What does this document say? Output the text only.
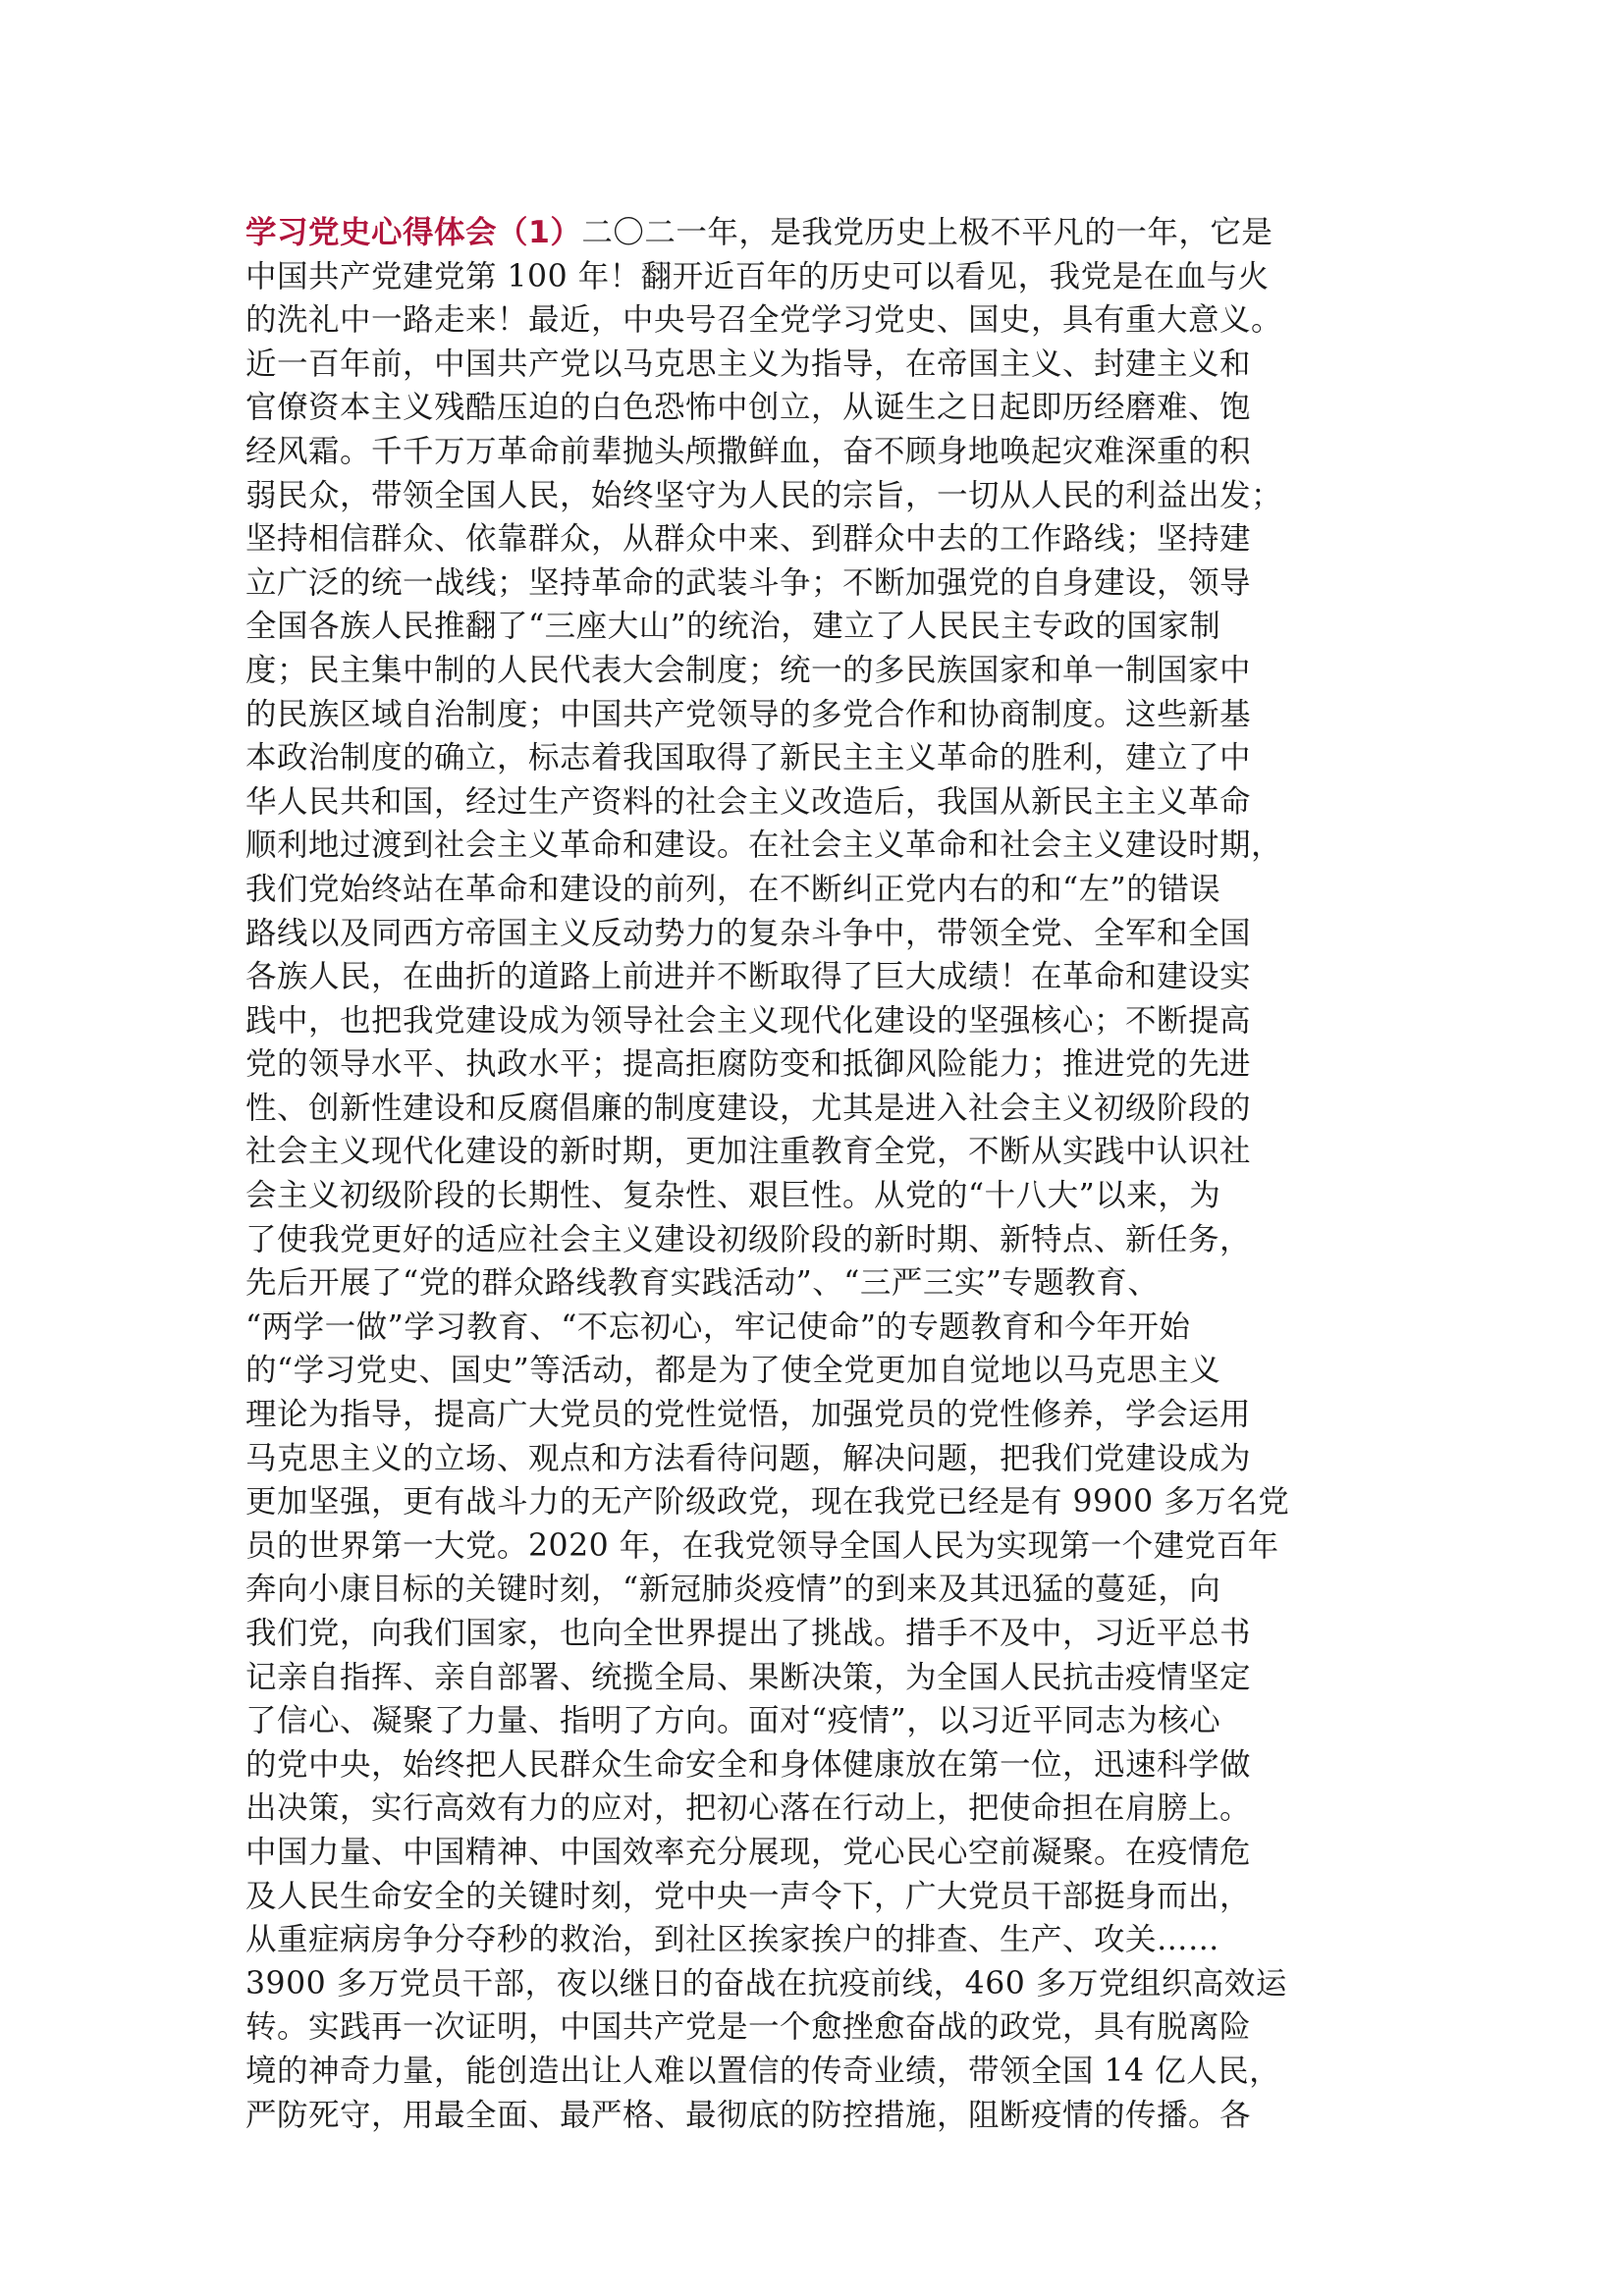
学习党史心得体会（1）二〇二一年，是我党历史上极不平凡的一年，它是
中国共产党建党第 100 年！翻开近百年的历史可以看见，我党是在血与火
的洗礼中一路走来！最近，中央号召全党学习党史、国史，具有重大意义。
近一百年前，中国共产党以马克思主义为指导，在帝国主义、封建主义和
官僚资本主义残酷压迫的白色恐怖中创立，从诞生之日起即历经磨难、饱
经风霜。千千万万革命前辈抛头颅撒鲜血，奋不顾身地唤起灾难深重的积
弱民众，带领全国人民，始终坚守为人民的宗旨，一切从人民的利益出发；
坚持相信群众、依靠群众，从群众中来、到群众中去的工作路线；坚持建
立广泛的统一战线；坚持革命的武装斗争；不断加强党的自身建设，领导
全国各族人民推翻了“三座大山”的统治，建立了人民民主专政的国家制
度；民主集中制的人民代表大会制度；统一的多民族国家和单一制国家中
的民族区域自治制度；中国共产党领导的多党合作和协商制度。这些新基
本政治制度的确立，标志着我国取得了新民主主义革命的胜利，建立了中
华人民共和国，经过生产资料的社会主义改造后，我国从新民主主义革命
顺利地过渡到社会主义革命和建设。在社会主义革命和社会主义建设时期，
我们党始终站在革命和建设的前列，在不断纠正党内右的和“左”的错误
路线以及同西方帝国主义反动势力的复杂斗争中，带领全党、全军和全国
各族人民，在曲折的道路上前进并不断取得了巨大成绩！在革命和建设实
践中，也把我党建设成为领导社会主义现代化建设的坚强核心；不断提高
党的领导水平、执政水平；提高拒腐防变和抵御风险能力；推进党的先进
性、创新性建设和反腐倡廉的制度建设，尤其是进入社会主义初级阶段的
社会主义现代化建设的新时期，更加注重教育全党，不断从实践中认识社
会主义初级阶段的长期性、复杂性、艰巨性。从党的“十八大”以来，为
了使我党更好的适应社会主义建设初级阶段的新时期、新特点、新任务，
先后开展了“党的群众路线教育实践活动”、“三严三实”专题教育、
“两学一做”学习教育、“不忘初心，牢记使命”的专题教育和今年开始
的“学习党史、国史”等活动，都是为了使全党更加自觉地以马克思主义
理论为指导，提高广大党员的党性觉悟，加强党员的党性修养，学会运用
马克思主义的立场、观点和方法看待问题，解决问题，把我们党建设成为
更加坚强，更有战斗力的无产阶级政党，现在我党已经是有 9900 多万名党
员的世界第一大党。2020 年，在我党领导全国人民为实现第一个建党百年
奔向小康目标的关键时刻，“新冠肺炎疫情”的到来及其迅猛的蔓延，向
我们党，向我们国家，也向全世界提出了挑战。措手不及中，习近平总书
记亲自指挥、亲自部署、统揽全局、果断决策，为全国人民抗击疫情坚定
了信心、凝聚了力量、指明了方向。面对“疫情”，以习近平同志为核心
的党中央，始终把人民群众生命安全和身体健康放在第一位，迅速科学做
出决策，实行高效有力的应对，把初心落在行动上，把使命担在肩膀上。
中国力量、中国精神、中国效率充分展现，党心民心空前凝聚。在疫情危
及人民生命安全的关键时刻，党中央一声令下，广大党员干部挺身而出，
从重症病房争分夺秒的救治，到社区挨家挨户的排查、生产、攻关……
3900 多万党员干部，夜以继日的奋战在抗疫前线，460 多万党组织高效运
转。实践再一次证明，中国共产党是一个愈挫愈奋战的政党，具有脱离险
境的神奇力量，能创造出让人难以置信的传奇业绩，带领全国 14 亿人民，
严防死守，用最全面、最严格、最彻底的防控措施，阻断疫情的传播。各
